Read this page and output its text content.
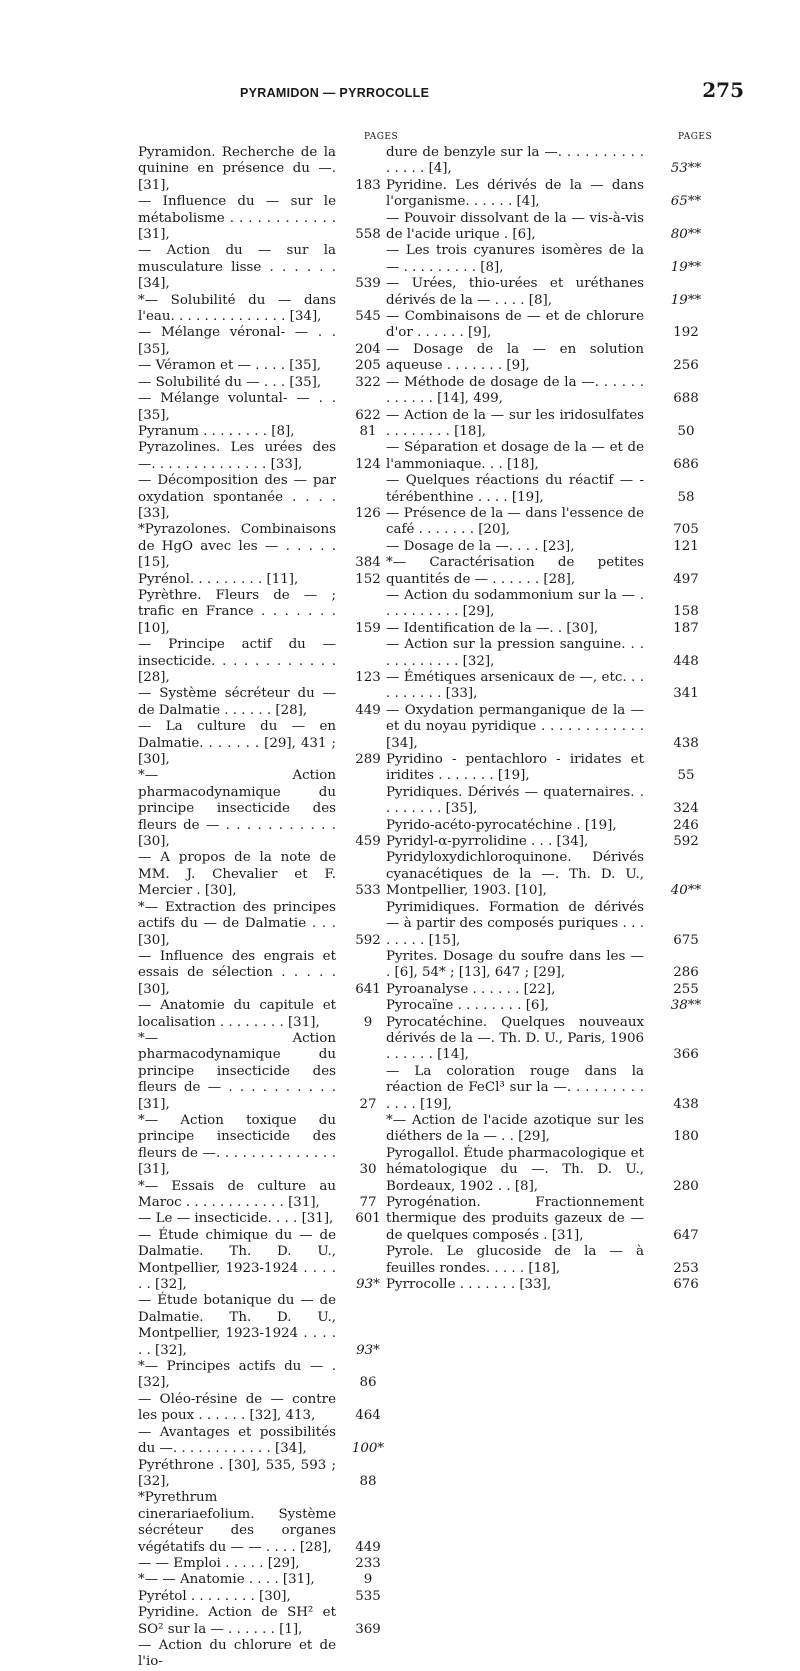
PYRAMIDON — PYRROCOLLE	275
PAGES
Pyramidon. Recherche de la quinine en présence du —. [31],	183
— Influence du — sur le métabolisme . . . . . . . . . . . . [31],	558
— Action du — sur la musculature lisse . . . . . . [34],	539
*— Solubilité du — dans l'eau. . . . . . . . . . . . . . [34],	545
— Mélange véronal- — . . [35],	204
— Véramon et — . . . . [35],	205
— Solubilité du — . . . [35],	322
— Mélange voluntal- — . . [35],	622
Pyranum . . . . . . . . [8],	81
Pyrazolines. Les urées des —. . . . . . . . . . . . . . [33],	124
— Décomposition des — par oxydation spontanée . . . . [33],	126
*Pyrazolones. Combinaisons de HgO avec les — . . . . . [15],	384
Pyrénol. . . . . . . . . [11],	152
Pyrèthre. Fleurs de — ; trafic en France . . . . . . . [10],	159
— Principe actif du — insecticide. . . . . . . . . . . . [28],	123
— Système sécréteur du — de Dalmatie . . . . . . [28],	449
— La culture du — en Dalmatie. . . . . . . [29], 431 ; [30],	289
*— Action pharmacodynamique du principe insecticide des fleurs de — . . . . . . . . . . . [30],	459
— A propos de la note de MM. J. Chevalier et F. Mercier . [30],	533
*— Extraction des principes actifs du — de Dalmatie . . . [30],	592
— Influence des engrais et essais de sélection . . . . . [30],	641
— Anatomie du capitule et localisation . . . . . . . . [31],	9
*— Action pharmacodynamique du principe insecticide des fleurs de — . . . . . . . . . . [31],	27
*— Action toxique du principe insecticide des fleurs de —. . . . . . . . . . . . . . [31],	30
*— Essais de culture au Maroc . . . . . . . . . . . . [31],	77
— Le — insecticide. . . . [31],	601
— Étude chimique du — de Dalmatie. Th. D. U., Montpellier, 1923-1924 . . . . . . [32],	93*
— Étude botanique du — de Dalmatie. Th. D. U., Montpellier, 1923-1924 . . . . . . [32],	93*
*— Principes actifs du — . [32],	86
— Oléo-résine de — contre les poux . . . . . . [32], 413,	464
— Avantages et possibilités du —. . . . . . . . . . . . [34],	100*
Pyréthrone . [30], 535, 593 ; [32],	88
*Pyrethrum cinerariaefolium. Système sécréteur des organes végétatifs du — — . . . . [28],	449
— — Emploi . . . . . [29],	233
*— — Anatomie . . . . [31],	9
Pyrétol . . . . . . . . [30],	535
Pyridine. Action de SH² et SO² sur la — . . . . . . [1],	369
— Action du chlorure et de l'io-
PAGES
dure de benzyle sur la —. . . . . . . . . . . . . . . [4],	53**
Pyridine. Les dérivés de la — dans l'organisme. . . . . . [4],	65**
— Pouvoir dissolvant de la — vis-à-vis de l'acide urique . [6],	80**
— Les trois cyanures isomères de la — . . . . . . . . . [8],	19**
— Urées, thio-urées et uréthanes dérivés de la — . . . . [8],	19**
— Combinaisons de — et de chlorure d'or . . . . . . [9],	192
— Dosage de la — en solution aqueuse . . . . . . . [9],	256
— Méthode de dosage de la —. . . . . . . . . . . . [14], 499,	688
— Action de la — sur les iridosulfates . . . . . . . . [18],	50
— Séparation et dosage de la — et de l'ammoniaque. . . [18],	686
— Quelques réactions du réactif — -térébenthine . . . . [19],	58
— Présence de la — dans l'essence de café . . . . . . . [20],	705
— Dosage de la —. . . . [23],	121
*— Caractérisation de petites quantités de — . . . . . . [28],	497
— Action du sodammonium sur la — . . . . . . . . . . [29],	158
— Identification de la —. . [30],	187
— Action sur la pression sanguine. . . . . . . . . . . . [32],	448
— Émétiques arsenicaux de —, etc. . . . . . . . . . [33],	341
— Oxydation permanganique de la — et du noyau pyridique . . . . . . . . . . . . [34],	438
Pyridino - pentachloro - iridates et iridites . . . . . . . [19],	55
Pyridiques. Dérivés — quaternaires. . . . . . . . . [35],	324
Pyrido-acéto-pyrocatéchine . [19],	246
Pyridyl-α-pyrrolidine . . . [34],	592
Pyridyloxydichloroquinone. Dérivés cyanacétiques de la —. Th. D. U., Montpellier, 1903. [10],	40**
Pyrimidiques. Formation de dérivés — à partir des composés puriques . . . . . . . . [15],	675
Pyrites. Dosage du soufre dans les — . [6], 54* ; [13], 647 ; [29],	286
Pyroanalyse . . . . . . [22],	255
Pyrocaïne . . . . . . . . [6],	38**
Pyrocatéchine. Quelques nouveaux dérivés de la —. Th. D. U., Paris, 1906 . . . . . . [14],	366
— La coloration rouge dans la réaction de FeCl³ sur la —. . . . . . . . . . . . . [19],	438
*— Action de l'acide azotique sur les diéthers de la — . . [29],	180
Pyrogallol. Étude pharmacologique et hématologique du —. Th. D. U., Bordeaux, 1902 . . [8],	280
Pyrogénation. Fractionnement thermique des produits gazeux de — de quelques composés . [31],	647
Pyrole. Le glucoside de la — à feuilles rondes. . . . . [18],	253
Pyrrocolle . . . . . . . [33],	676
